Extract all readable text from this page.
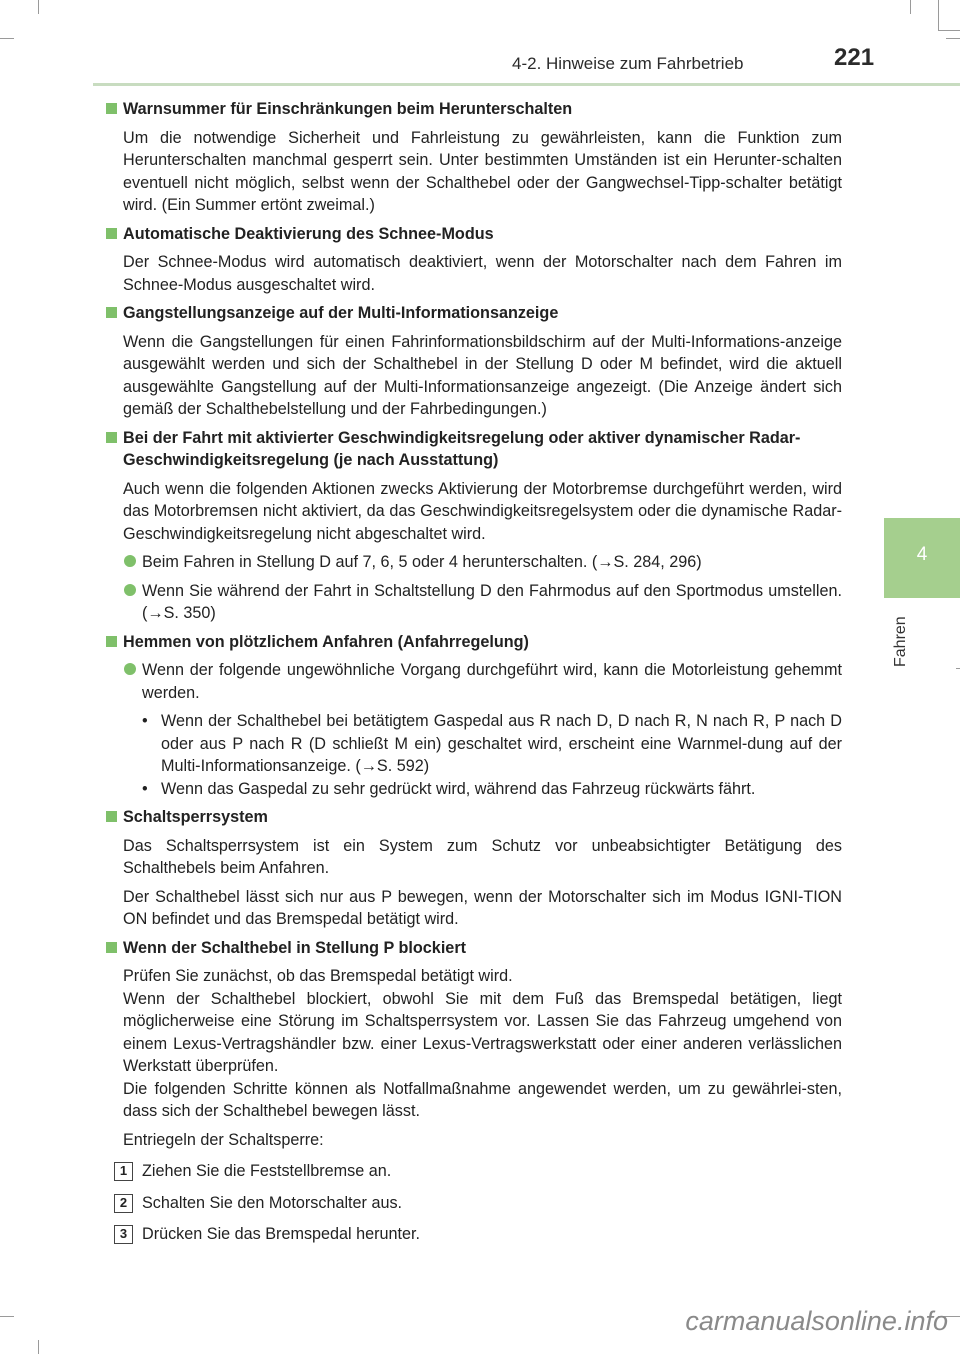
4-2. Hinweise zum Fahrbetrieb	221
4
Fahren
Warnsummer für Einschränkungen beim Herunterschalten
Um die notwendige Sicherheit und Fahrleistung zu gewährleisten, kann die Funktion zum Herunterschalten manchmal gesperrt sein. Unter bestimmten Umständen ist ein Herunter-schalten eventuell nicht möglich, selbst wenn der Schalthebel oder der Gangwechsel-Tipp-schalter betätigt wird. (Ein Summer ertönt zweimal.)
Automatische Deaktivierung des Schnee-Modus
Der Schnee-Modus wird automatisch deaktiviert, wenn der Motorschalter nach dem Fahren im Schnee-Modus ausgeschaltet wird.
Gangstellungsanzeige auf der Multi-Informationsanzeige
Wenn die Gangstellungen für einen Fahrinformationsbildschirm auf der Multi-Informations-anzeige ausgewählt werden und sich der Schalthebel in der Stellung D oder M befindet, wird die aktuell ausgewählte Gangstellung auf der Multi-Informationsanzeige angezeigt. (Die Anzeige ändert sich gemäß der Schalthebelstellung und der Fahrbedingungen.)
Bei der Fahrt mit aktivierter Geschwindigkeitsregelung oder aktiver dynamischer Radar-Geschwindigkeitsregelung (je nach Ausstattung)
Auch wenn die folgenden Aktionen zwecks Aktivierung der Motorbremse durchgeführt werden, wird das Motorbremsen nicht aktiviert, da das Geschwindigkeitsregelsystem oder die dynamische Radar-Geschwindigkeitsregelung nicht abgeschaltet wird.
Beim Fahren in Stellung D auf 7, 6, 5 oder 4 herunterschalten. (→S. 284, 296)
Wenn Sie während der Fahrt in Schaltstellung D den Fahrmodus auf den Sportmodus umstellen. (→S. 350)
Hemmen von plötzlichem Anfahren (Anfahrregelung)
Wenn der folgende ungewöhnliche Vorgang durchgeführt wird, kann die Motorleistung gehemmt werden.
• Wenn der Schalthebel bei betätigtem Gaspedal aus R nach D, D nach R, N nach R, P nach D oder aus P nach R (D schließt M ein) geschaltet wird, erscheint eine Warnmel-dung auf der Multi-Informationsanzeige. (→S. 592)
• Wenn das Gaspedal zu sehr gedrückt wird, während das Fahrzeug rückwärts fährt.
Schaltsperrsystem
Das Schaltsperrsystem ist ein System zum Schutz vor unbeabsichtigter Betätigung des Schalthebels beim Anfahren.
Der Schalthebel lässt sich nur aus P bewegen, wenn der Motorschalter sich im Modus IGNI-TION ON befindet und das Bremspedal betätigt wird.
Wenn der Schalthebel in Stellung P blockiert
Prüfen Sie zunächst, ob das Bremspedal betätigt wird.
Wenn der Schalthebel blockiert, obwohl Sie mit dem Fuß das Bremspedal betätigen, liegt möglicherweise eine Störung im Schaltsperrsystem vor. Lassen Sie das Fahrzeug umgehend von einem Lexus-Vertragshändler bzw. einer Lexus-Vertragswerkstatt oder einer anderen verlässlichen Werkstatt überprüfen.
Die folgenden Schritte können als Notfallmaßnahme angewendet werden, um zu gewährlei-sten, dass sich der Schalthebel bewegen lässt.
Entriegeln der Schaltsperre:
1 Ziehen Sie die Feststellbremse an.
2 Schalten Sie den Motorschalter aus.
3 Drücken Sie das Bremspedal herunter.
carmanualsonline.info
